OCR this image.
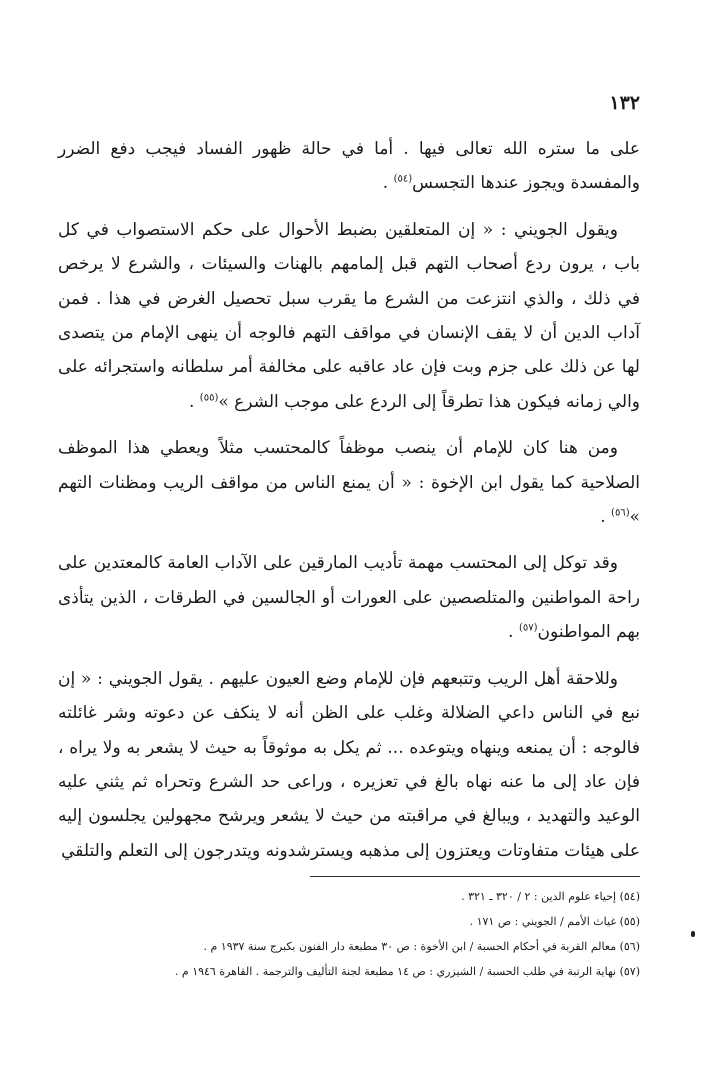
١٣٢

على ما ستره الله تعالى فيها . أما في حالة ظهور الفساد فيجب دفع الضرر والمفسدة ويجوز عندها التجسس$^{(٥٤)}$ .

ويقول الجويني : « إن المتعلقين بضبط الأحوال على حكم الاستصواب في كل باب ، يرون ردع أصحاب التهم قبل إلمامهم بالهنات والسيئات ، والشرع لا يرخص في ذلك ، والذي انتزعت من الشرع ما يقرب سبل تحصيل الغرض في هذا . فمن آداب الدين أن لا يقف الإنسان في مواقف التهم فالوجه أن ينهى الإمام من يتصدى لها عن ذلك على جزم وبت فإن عاد عاقبه على مخالفة أمر سلطانه واستجرائه على والي زمانه فيكون هذا تطرقاً إلى الردع على موجب الشرع »$^{(٥٥)}$ .

ومن هنا كان للإمام أن ينصب موظفاً كالمحتسب مثلاً ويعطي هذا الموظف الصلاحية كما يقول ابن الإخوة : « أن يمنع الناس من مواقف الريب ومظنات التهم »$^{(٥٦)}$ .

وقد توكل إلى المحتسب مهمة تأديب المارقين على الآداب العامة كالمعتدين على راحة المواطنين والمتلصصين على العورات أو الجالسين في الطرقات ، الذين يتأذى بهم المواطنون$^{(٥٧)}$ .

وللاحقة أهل الريب وتتبعهم فإن للإمام وضع العيون عليهم . يقول الجويني : « إن نبع في الناس داعي الضلالة وغلب على الظن أنه لا ينكف عن دعوته وشر غائلته فالوجه : أن يمنعه وينهاه ويتوعده ... ثم يكل به موثوقاً به حيث لا يشعر به ولا يراه ، فإن عاد إلى ما عنه نهاه بالغ في تعزيره ، وراعى حد الشرع وتحراه ثم يثني عليه الوعيد والتهديد ، ويبالغ في مراقبته من حيث لا يشعر ويرشح مجهولين يجلسون إليه على هيئات متفاوتات ويعتزون إلى مذهبه ويسترشدونه ويتدرجون إلى التعلم والتلقي

(٥٤) إحياء علوم الدين : ٢ / ٣٢٠ ـ ٣٢١ .
(٥٥) غياث الأمم / الجويني : ص ١٧١ .
(٥٦) معالم القربة في أحكام الحسبة / ابن الأخوة : ص ٣٠ مطبعة دار الفنون بكبرج سنة ١٩٣٧ م .
(٥٧) نهاية الرتبة في طلب الحسبة / الشيزري : ص ١٤ مطبعة لجنة التأليف والترجمة . القاهرة ١٩٤٦ م .
